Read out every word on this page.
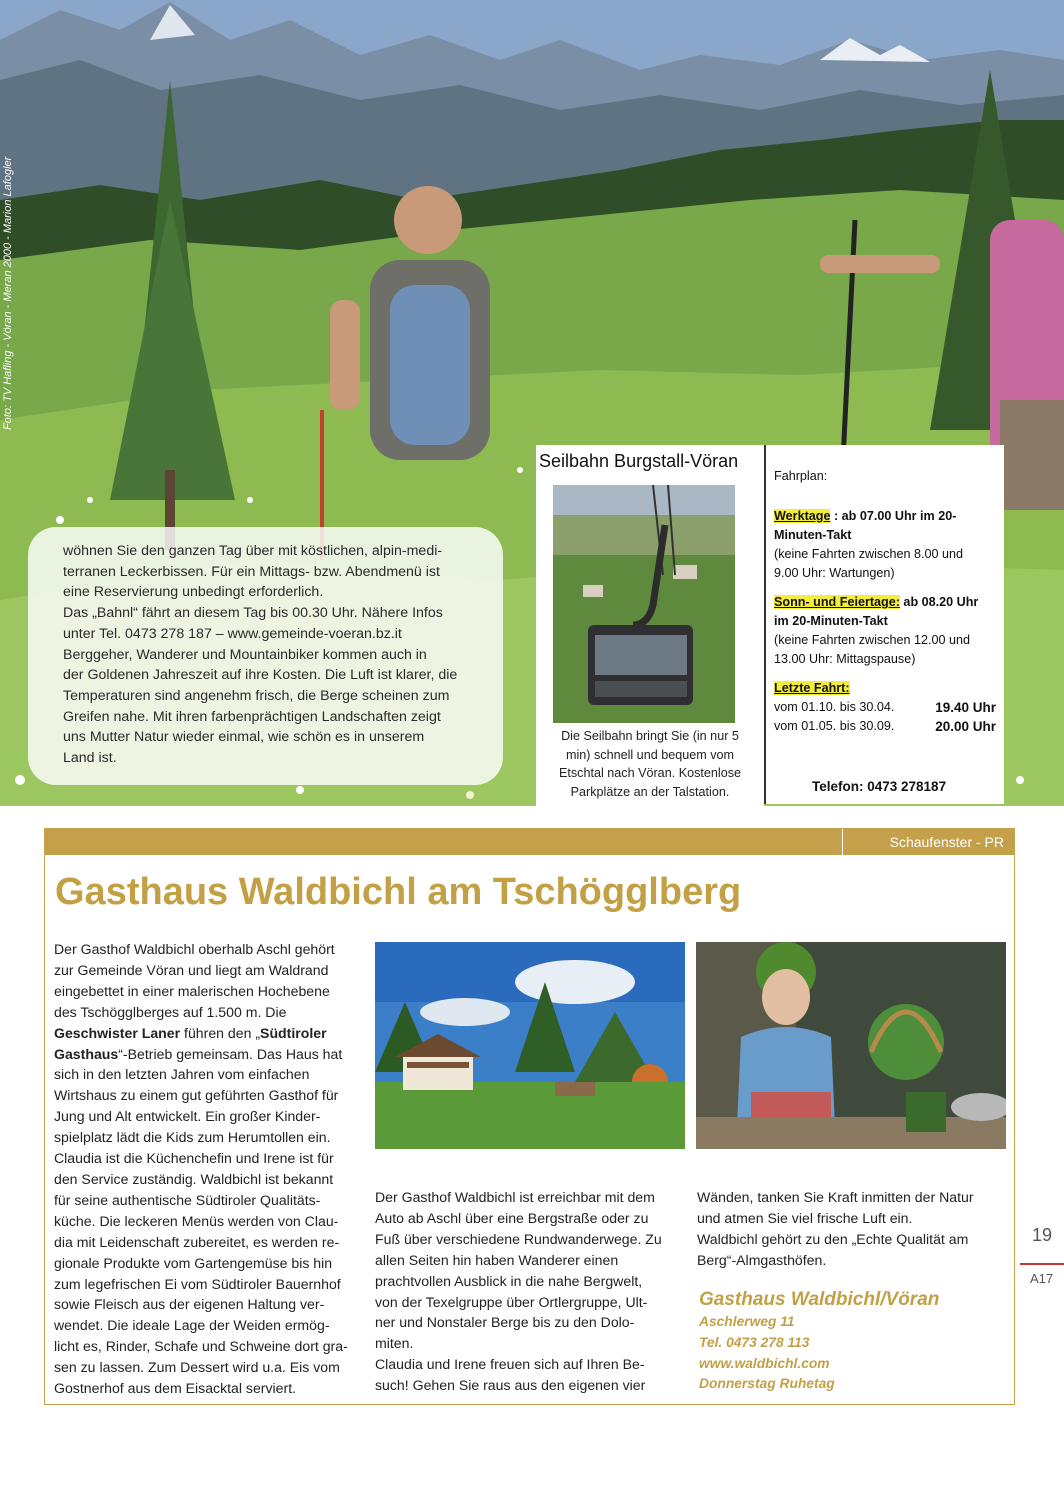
Foto: TV Hafling - Vöran - Meran 2000 - Marion Lafogler

wöhnen Sie den ganzen Tag über mit köstlichen, alpin-medi-

terranen Leckerbissen. Für ein Mittags- bzw. Abendmenü ist

eine Reservierung unbedingt erforderlich.

Das „Bahnl“ fährt an diesem Tag bis 00.30 Uhr. Nähere Infos

unter Tel. 0473 278 187 – www.gemeinde-voeran.bz.it

Berggeher, Wanderer und Mountainbiker kommen auch in

der Goldenen Jahreszeit auf ihre Kosten. Die Luft ist klarer, die

Temperaturen sind angenehm frisch, die Berge scheinen zum

Greifen nahe. Mit ihren farbenprächtigen Landschaften zeigt

uns Mutter Natur wieder einmal, wie schön es in unserem

Land ist.

Seilbahn Burgstall-Vöran
Die Seilbahn bringt Sie (in nur 5
min) schnell und bequem vom
Etschtal nach Vöran. Kostenlose
Parkplätze an der Talstation.
Fahrplan:
Werktage : ab 07.00 Uhr im 20-
Minuten-Takt
(keine Fahrten zwischen 8.00 und
9.00 Uhr: Wartungen)
Sonn- und Feiertage: ab 08.20 Uhr
im 20-Minuten-Takt
(keine Fahrten zwischen 12.00 und
13.00 Uhr: Mittagspause)
Letzte Fahrt:
vom 01.10. bis 30.04.	19.40 Uhr
vom 01.05. bis 30.09.	20.00 Uhr
Telefon: 0473 278187
Schaufenster - PR
Gasthaus Waldbichl am Tschögglberg

Der Gasthof Waldbichl oberhalb Aschl gehört

zur Gemeinde Vöran und liegt am Waldrand

eingebettet in einer malerischen Hochebene

des Tschögglberges auf 1.500 m. Die

Geschwister Laner führen den „Südtiroler

Gasthaus“-Betrieb gemeinsam. Das Haus hat

sich in den letzten Jahren vom einfachen

Wirtshaus zu einem gut geführten Gasthof für

Jung und Alt entwickelt. Ein großer Kinder-

spielplatz lädt die Kids zum Herumtollen ein.

Claudia ist die Küchenchefin und Irene ist für

den Service zuständig. Waldbichl ist bekannt

für seine authentische Südtiroler Qualitäts-

küche. Die leckeren Menüs werden von Clau-

dia mit Leidenschaft zubereitet, es werden re-

gionale Produkte vom Gartengemüse bis hin

zum legefrischen Ei vom Südtiroler Bauernhof

sowie Fleisch aus der eigenen Haltung ver-

wendet. Die ideale Lage der Weiden ermög-

licht es, Rinder, Schafe und Schweine dort gra-

sen zu lassen. Zum Dessert wird u.a. Eis vom

Gostnerhof aus dem Eisacktal serviert.

Der Gasthof Waldbichl ist erreichbar mit dem

Auto ab Aschl über eine Bergstraße oder zu

Fuß über verschiedene Rundwanderwege. Zu

allen Seiten hin haben Wanderer einen

prachtvollen Ausblick in die nahe Bergwelt,

von der Texelgruppe über Ortlergruppe, Ult-

ner und Nonstaler Berge bis zu den Dolo-

miten.

Claudia und Irene freuen sich auf Ihren Be-

such! Gehen Sie raus aus den eigenen vier

Wänden, tanken Sie Kraft inmitten der Natur

und atmen Sie viel frische Luft ein.

Waldbichl gehört zu den „Echte Qualität am

Berg“-Almgasthöfen.

Gasthaus Waldbichl/Vöran
Aschlerweg 11
Tel. 0473 278 113
www.waldbichl.com
Donnerstag Ruhetag
19
A17
